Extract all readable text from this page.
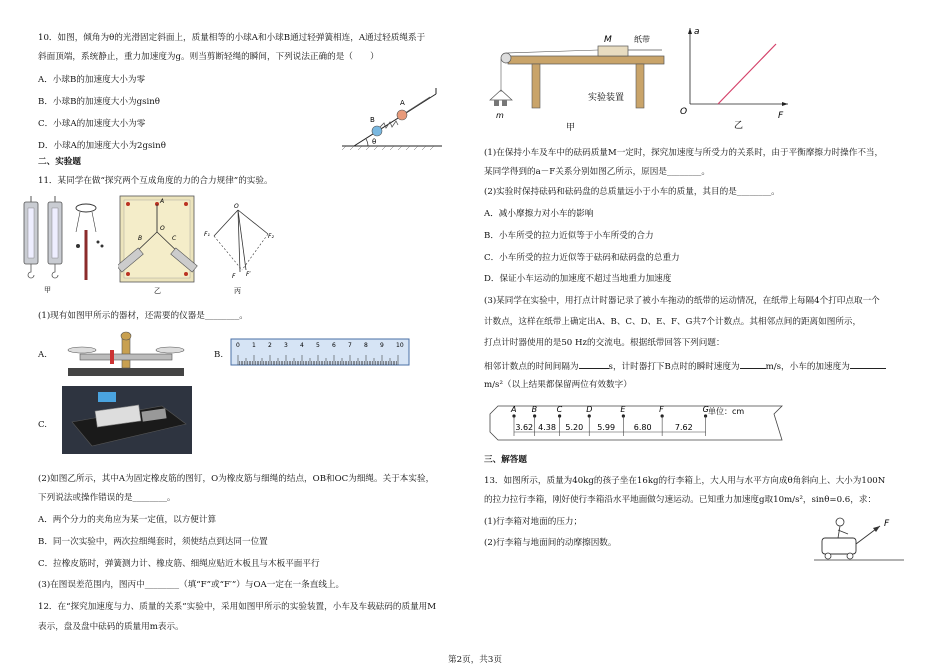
10．如图，倾角为θ的光滑固定斜面上，质量相等的小球A和小球B通过轻弹簧相连，A通过轻质绳系于
斜面顶端，系统静止，重力加速度为g。则当剪断轻绳的瞬间，下列说法正确的是（　　）
A．小球B的加速度大小为零
B．小球B的加速度大小为gsinθ
C．小球A的加速度大小为零
D．小球A的加速度大小为2gsinθ
A
B
θ
二、实验题
11．某同学在做“探究两个互成角度的力的合力规律”的实验。
甲
A
O
B	C
乙
O
F₁	F₂
F F′
丙
(1)现有如图甲所示的器材，还需要的仪器是________。
A.	B.
0 1 2 3 4 5 6 7 8 9 10
C.
(2)如图乙所示，其中A为固定橡皮筋的图钉，O为橡皮筋与细绳的结点，OB和OC为细绳。关于本实验，
下列说法或操作错误的是________。
A．两个分力的夹角应为某一定值，以方便计算
B．同一次实验中，两次拉细绳套时，须使结点到达同一位置
C．拉橡皮筋时，弹簧测力计、橡皮筋、细绳应贴近木板且与木板平面平行
(3)在图误差范围内，图丙中________（填“F”或“F′”）与OA一定在一条直线上。
12．在“探究加速度与力、质量的关系”实验中，采用如图甲所示的实验装置，小车及车载砝码的质量用M
表示，盘及盘中砝码的质量用m表示。
M	纸带
m
实验装置
甲
a
O	F
乙
(1)在保持小车及车中的砝码质量M一定时，探究加速度与所受力的关系时，由于平衡摩擦力时操作不当，
某同学得到的a－F关系分别如图乙所示，原因是________。
(2)实验时保持砝码和砝码盘的总质量远小于小车的质量，其目的是________。
A．减小摩擦力对小车的影响
B．小车所受的拉力近似等于小车所受的合力
C．小车所受的拉力近似等于砝码和砝码盘的总重力
D．保证小车运动的加速度不超过当地重力加速度
(3)某同学在实验中，用打点计时器记录了被小车拖动的纸带的运动情况，在纸带上每隔4个打印点取一个
计数点，这样在纸带上确定出A、B、C、D、E、F、G共7个计数点。其相邻点间的距离如图所示，
打点计时器使用的是50 Hz的交流电。根据纸带回答下列问题：
相邻计数点的时间间隔为	s，计时器打下B点时的瞬时速度为	m/s，小车的加速度为
m/s²（以上结果都保留两位有效数字）
A B C	D	E	F	G
3.62 4.38 5.20 5.99 6.80	7.62
单位：cm
三、解答题
13．如图所示，质量为40kg的孩子坐在16kg的行李箱上，大人用与水平方向成θ角斜向上、大小为100N
的拉力拉行李箱，刚好使行李箱沿水平地面做匀速运动。已知重力加速度g取10m/s²，sinθ=0.6，求：
(1)行李箱对地面的压力；
(2)行李箱与地面间的动摩擦因数。
F
第2页，共3页
